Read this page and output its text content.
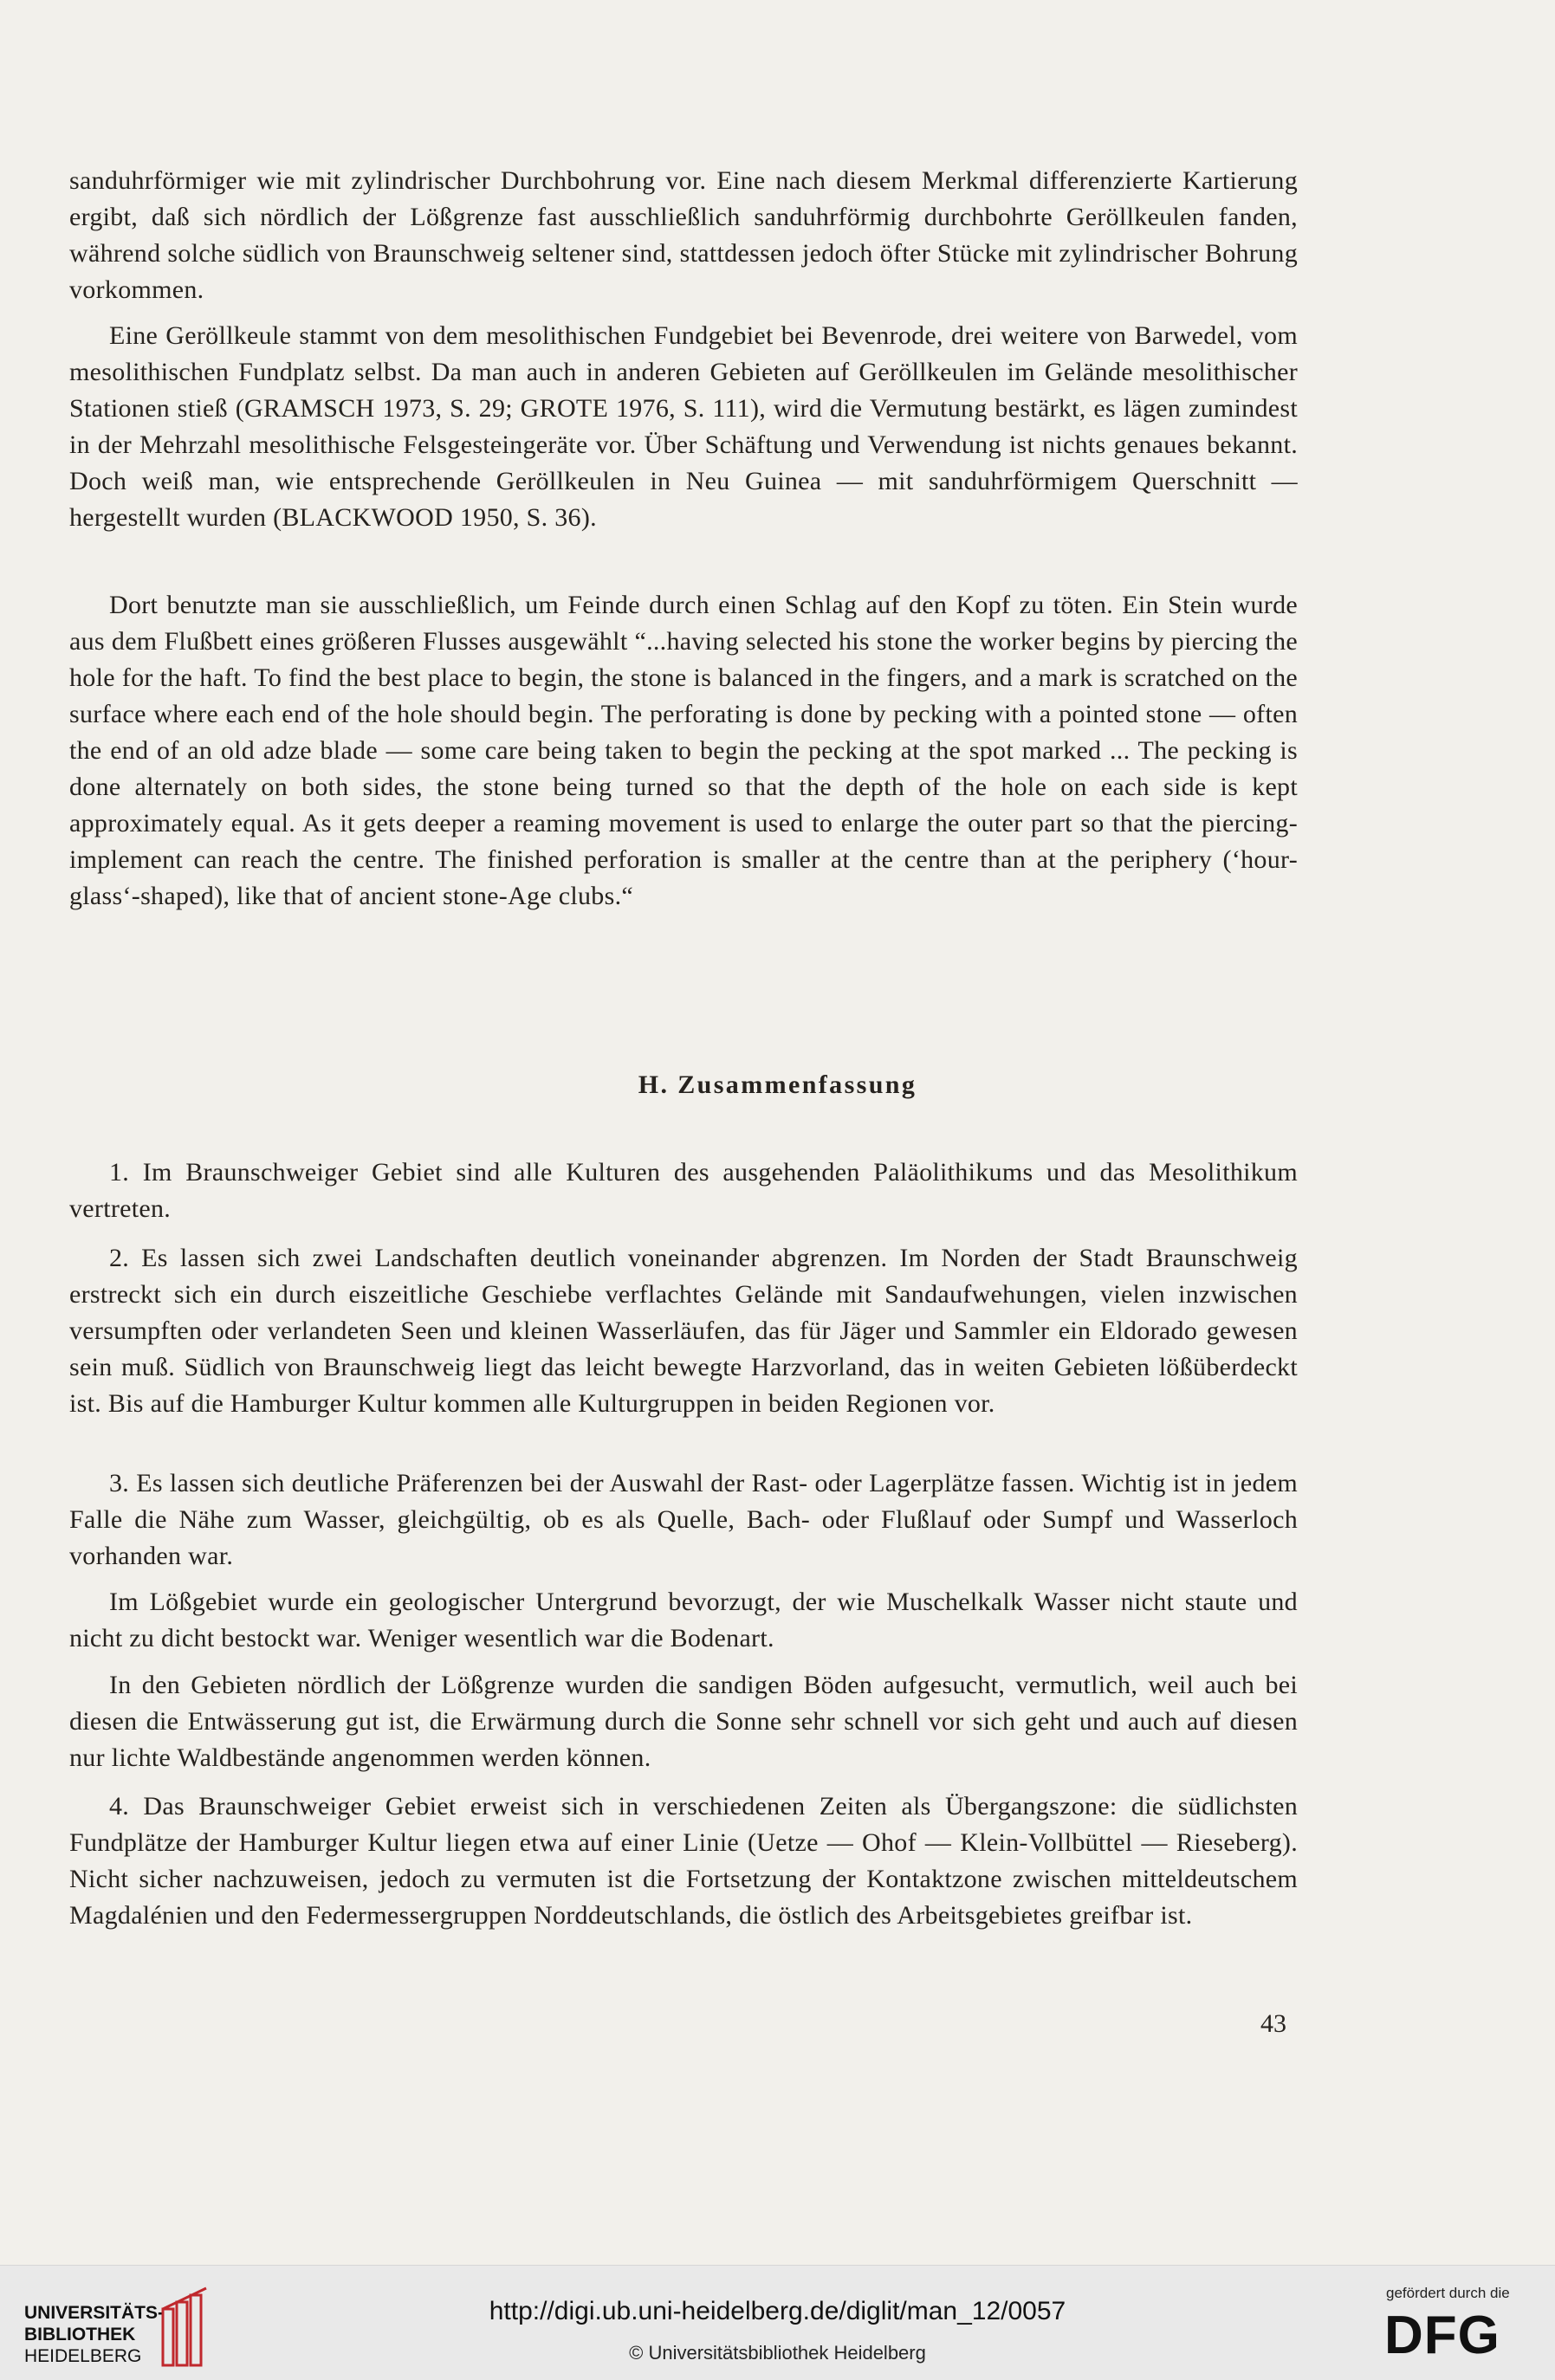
sanduhrförmiger wie mit zylindrischer Durchbohrung vor. Eine nach diesem Merkmal differenzierte Kartierung ergibt, daß sich nördlich der Lößgrenze fast ausschließlich sanduhrförmig durchbohrte Geröllkeulen fanden, während solche südlich von Braunschweig seltener sind, stattdessen jedoch öfter Stücke mit zylindrischer Bohrung vorkommen.

Eine Geröllkeule stammt von dem mesolithischen Fundgebiet bei Bevenrode, drei weitere von Barwedel, vom mesolithischen Fundplatz selbst. Da man auch in anderen Gebieten auf Geröllkeulen im Gelände mesolithischer Stationen stieß (GRAMSCH 1973, S. 29; GROTE 1976, S. 111), wird die Vermutung bestärkt, es lägen zumindest in der Mehrzahl mesolithische Felsgesteingeräte vor. Über Schäftung und Verwendung ist nichts genaues bekannt. Doch weiß man, wie entsprechende Geröllkeulen in Neu Guinea — mit sanduhrförmigem Querschnitt — hergestellt wurden (BLACKWOOD 1950, S. 36).

Dort benutzte man sie ausschließlich, um Feinde durch einen Schlag auf den Kopf zu töten. Ein Stein wurde aus dem Flußbett eines größeren Flusses ausgewählt “...having selected his stone the worker begins by piercing the hole for the haft. To find the best place to begin, the stone is balanced in the fingers, and a mark is scratched on the surface where each end of the hole should begin. The perforating is done by pecking with a pointed stone — often the end of an old adze blade — some care being taken to begin the pecking at the spot marked ... The pecking is done alternately on both sides, the stone being turned so that the depth of the hole on each side is kept approximately equal. As it gets deeper a reaming movement is used to enlarge the outer part so that the piercing-implement can reach the centre. The finished perforation is smaller at the centre than at the periphery (‘hour-glass‘-shaped), like that of ancient stone-Age clubs.“

H. Zusammenfassung

1. Im Braunschweiger Gebiet sind alle Kulturen des ausgehenden Paläolithikums und das Mesolithikum vertreten.

2. Es lassen sich zwei Landschaften deutlich voneinander abgrenzen. Im Norden der Stadt Braunschweig erstreckt sich ein durch eiszeitliche Geschiebe verflachtes Gelände mit Sandaufwehungen, vielen inzwischen versumpften oder verlandeten Seen und kleinen Wasserläufen, das für Jäger und Sammler ein Eldorado gewesen sein muß. Südlich von Braunschweig liegt das leicht bewegte Harzvorland, das in weiten Gebieten lößüberdeckt ist. Bis auf die Hamburger Kultur kommen alle Kulturgruppen in beiden Regionen vor.

3. Es lassen sich deutliche Präferenzen bei der Auswahl der Rast- oder Lagerplätze fassen. Wichtig ist in jedem Falle die Nähe zum Wasser, gleichgültig, ob es als Quelle, Bach- oder Flußlauf oder Sumpf und Wasserloch vorhanden war.

Im Lößgebiet wurde ein geologischer Untergrund bevorzugt, der wie Muschelkalk Wasser nicht staute und nicht zu dicht bestockt war. Weniger wesentlich war die Bodenart.

In den Gebieten nördlich der Lößgrenze wurden die sandigen Böden aufgesucht, vermutlich, weil auch bei diesen die Entwässerung gut ist, die Erwärmung durch die Sonne sehr schnell vor sich geht und auch auf diesen nur lichte Waldbestände angenommen werden können.

4. Das Braunschweiger Gebiet erweist sich in verschiedenen Zeiten als Übergangszone: die südlichsten Fundplätze der Hamburger Kultur liegen etwa auf einer Linie (Uetze — Ohof — Klein-Vollbüttel — Rieseberg). Nicht sicher nachzuweisen, jedoch zu vermuten ist die Fortsetzung der Kontaktzone zwischen mitteldeutschem Magdalénien und den Federmessergruppen Norddeutschlands, die östlich des Arbeitsgebietes greifbar ist.

43
UNIVERSITÄTS-
BIBLIOTHEK
HEIDELBERG
http://digi.ub.uni-heidelberg.de/diglit/man_12/0057
© Universitätsbibliothek Heidelberg
gefördert durch die
DFG
